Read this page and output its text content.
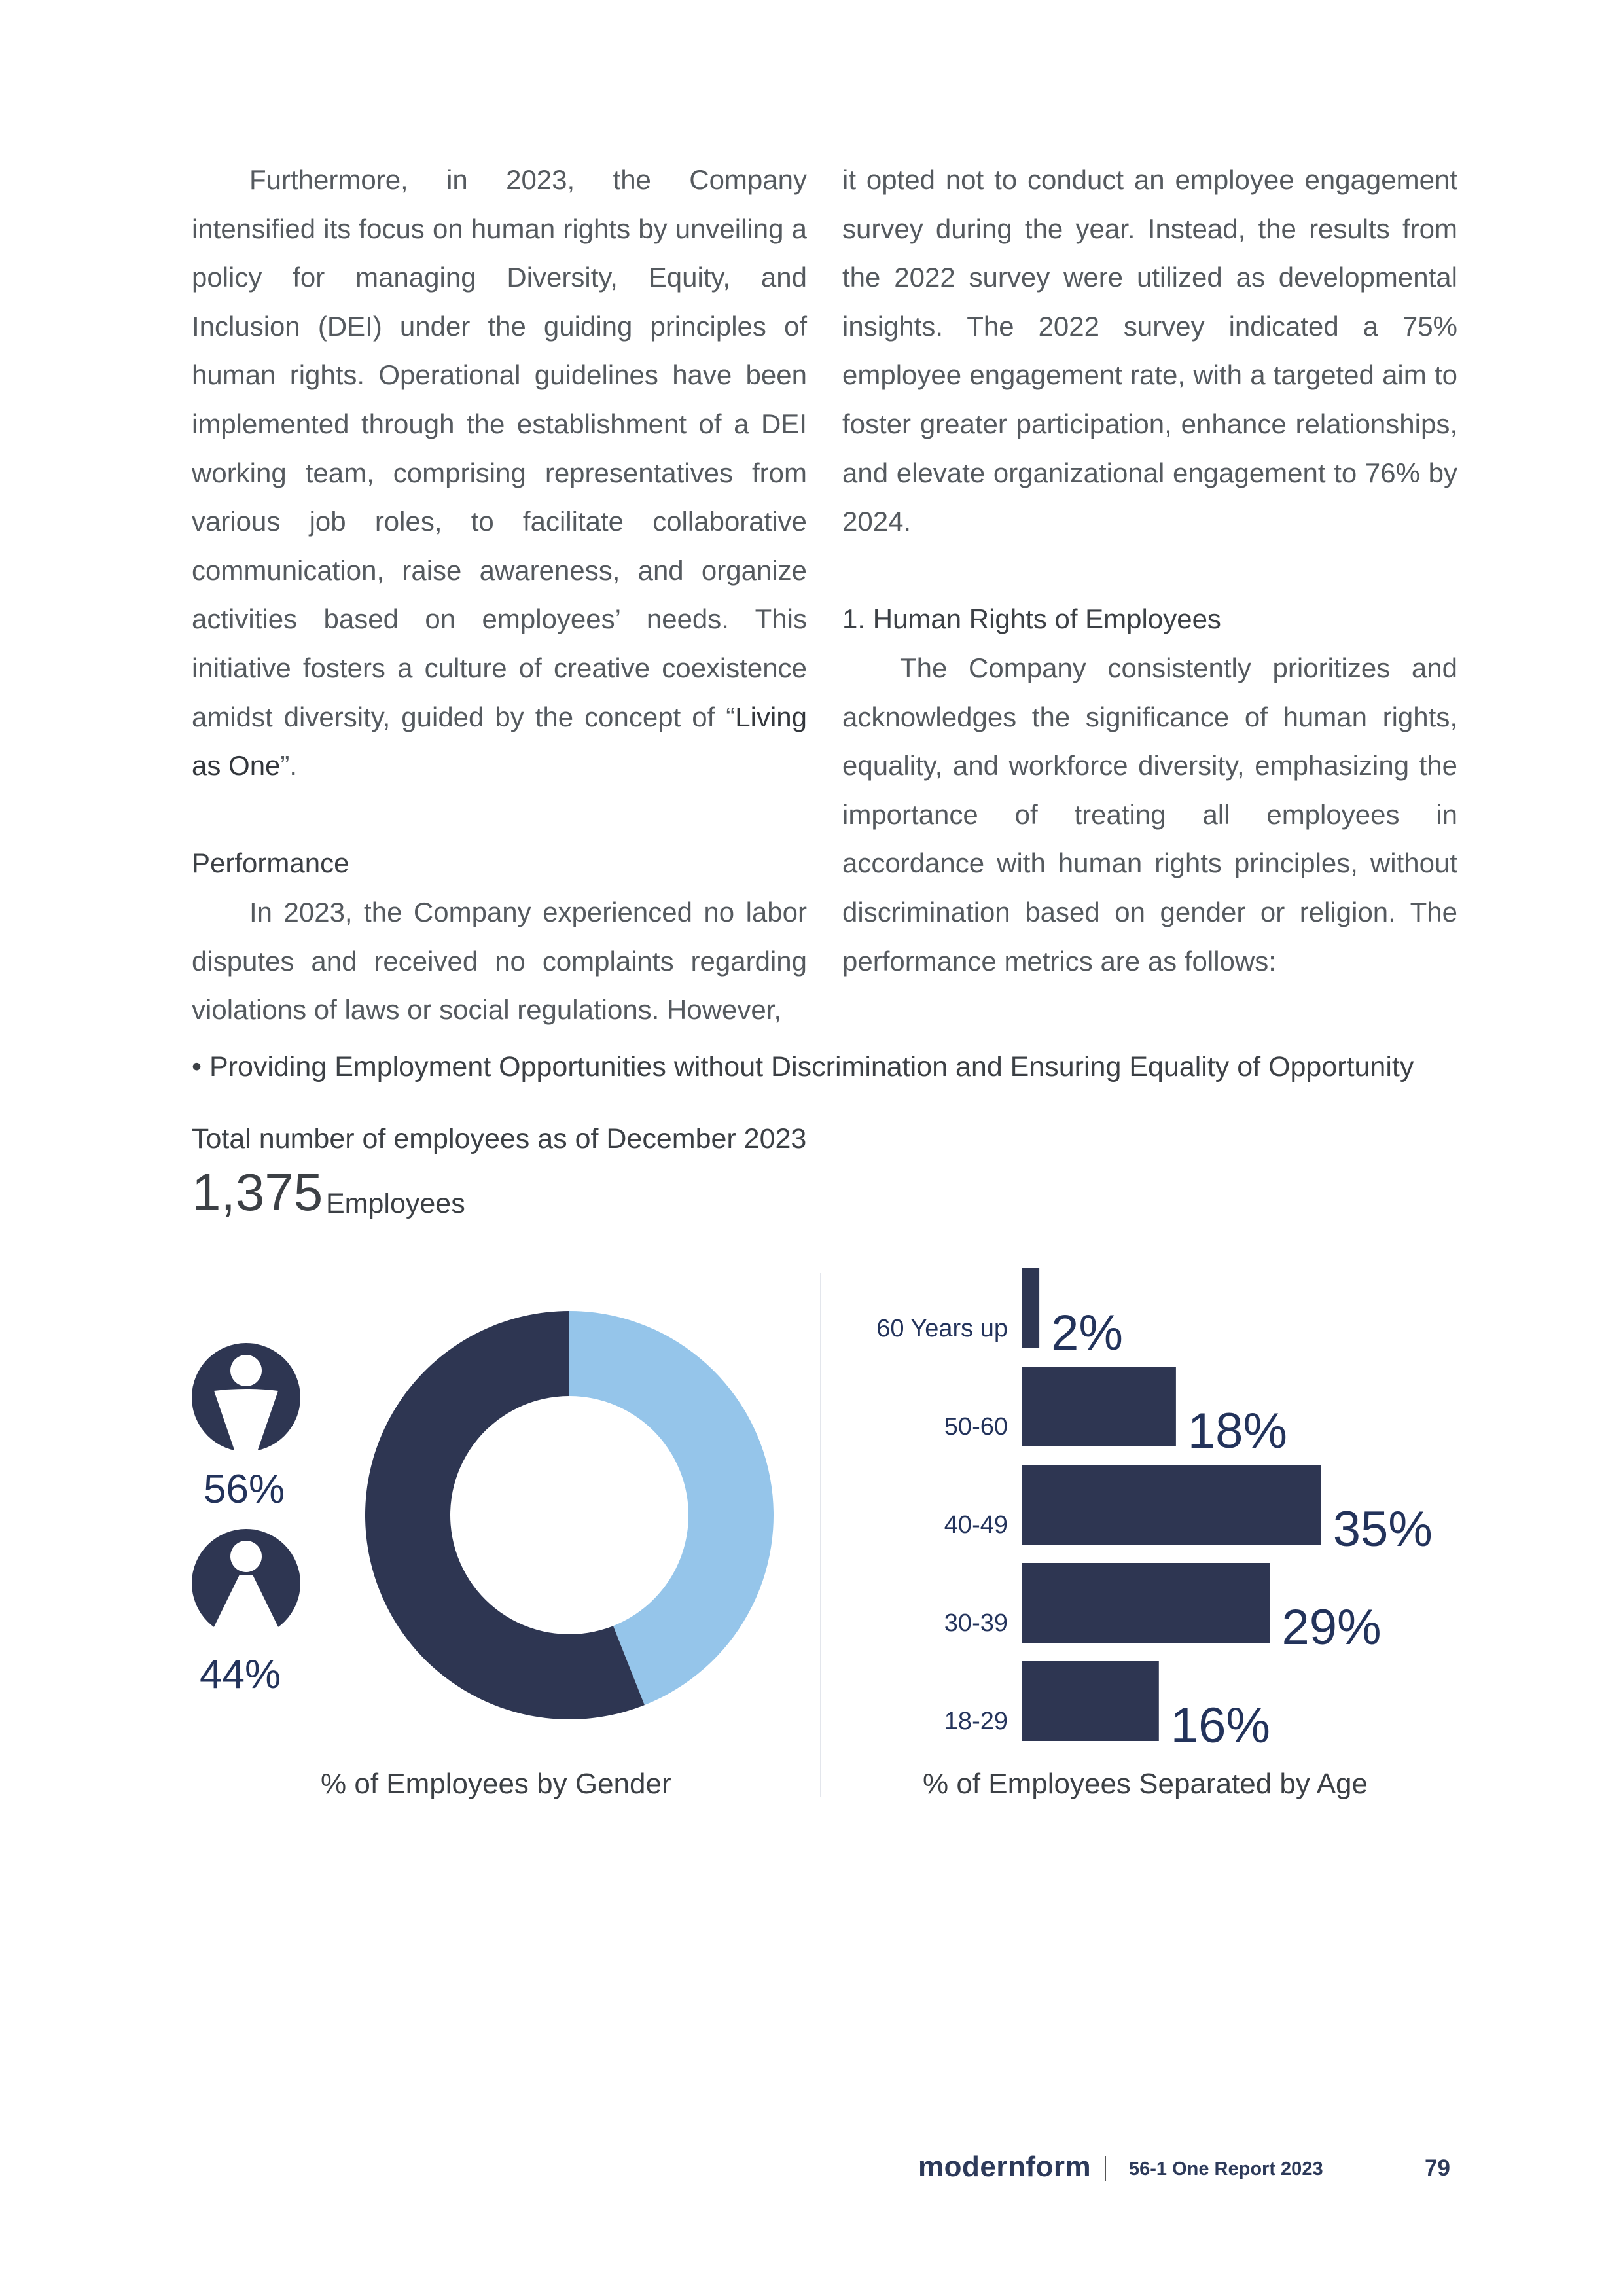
Furthermore, in 2023, the Company intensified its focus on human rights by unveiling a policy for managing Diversity, Equity, and Inclusion (DEI) under the guiding principles of human rights. Operational guidelines have been implemented through the establishment of a DEI working team, comprising representatives from various job roles, to facilitate collaborative communication, raise awareness, and organize activities based on employees’ needs. This initiative fosters a culture of creative coexistence amidst diversity, guided by the concept of “Living as One”.

Performance

In 2023, the Company experienced no labor disputes and received no complaints regarding violations of laws or social regulations. However,

it opted not to conduct an employee engagement survey during the year. Instead, the results from the 2022 survey were utilized as developmental insights. The 2022 survey indicated a 75% employee engagement rate, with a targeted aim to foster greater participation, enhance relationships, and elevate organizational engagement to 76% by 2024.

1. Human Rights of Employees

The Company consistently prioritizes and acknowledges the significance of human rights, equality, and workforce diversity, emphasizing the importance of treating all employees in accordance with human rights principles, without discrimination based on gender or religion. The performance metrics are as follows:

• Providing Employment Opportunities without Discrimination and Ensuring Equality of Opportunity
Total number of employees as of December 2023
1,375 Employees
56%
44%
% of Employees by Gender
60 Years up 2%
50-60	18%
40-49	35%
30-39	29%
18-29	16%
% of Employees Separated by Age
modernform 56-1 One Report 2023	79
